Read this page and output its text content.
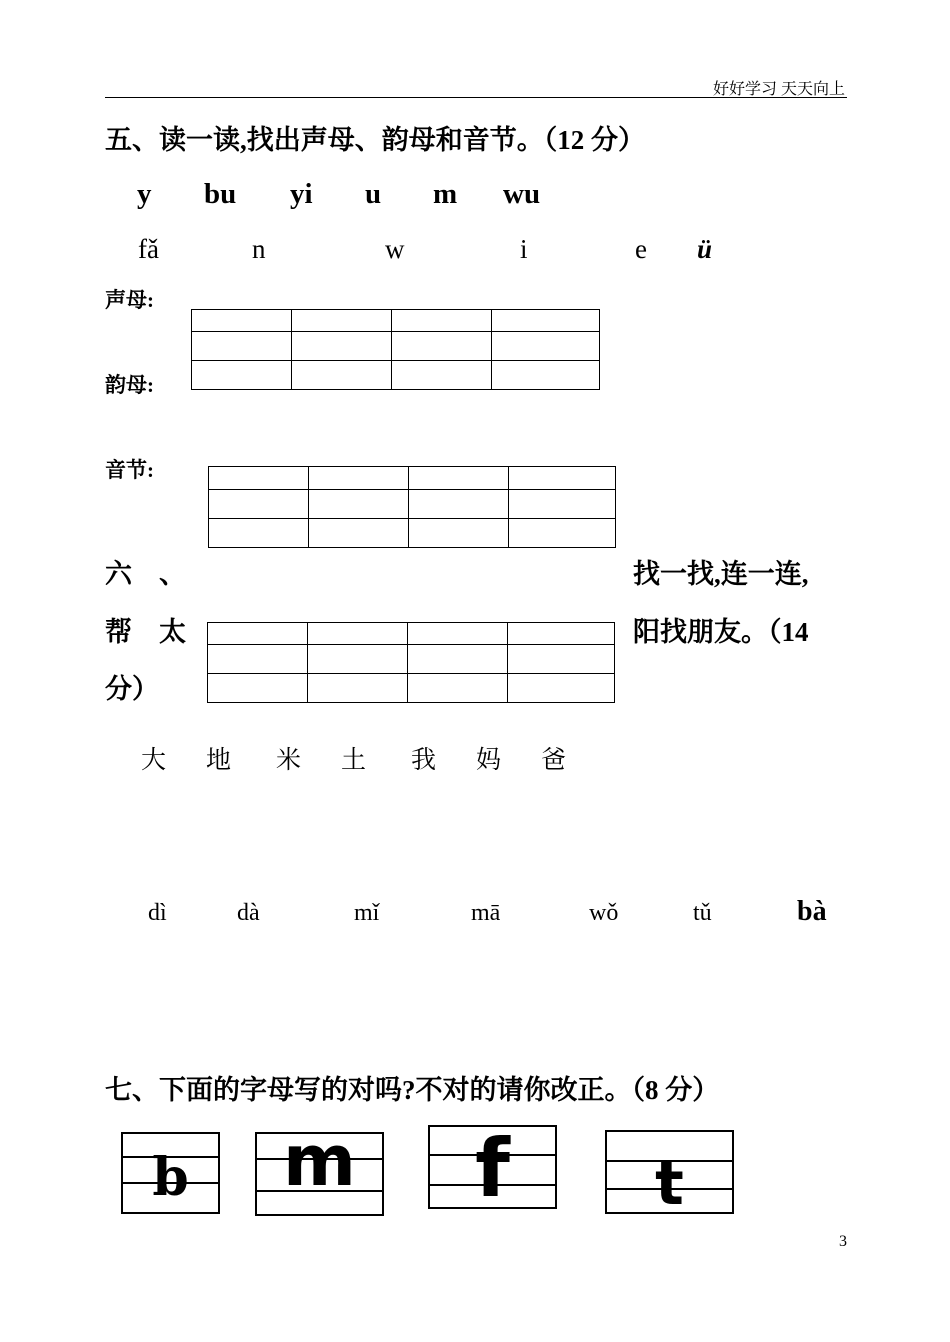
好好学习 天天向上
五、读一读,找出声母、韵母和音节。（12 分）
y bu yi u m wu
fǎ	n	w	i	e ü
声母:
韵母:
音节:

六　、	找一找,连一连,
帮　太	阳找朋友。（14
分）

大 地 米 土 我 妈 爸
dì	dà	mǐ	mā	wǒ	tǔ	bà
七、下面的字母写的对吗?不对的请你改正。（8 分）
b	m	f	t
3
